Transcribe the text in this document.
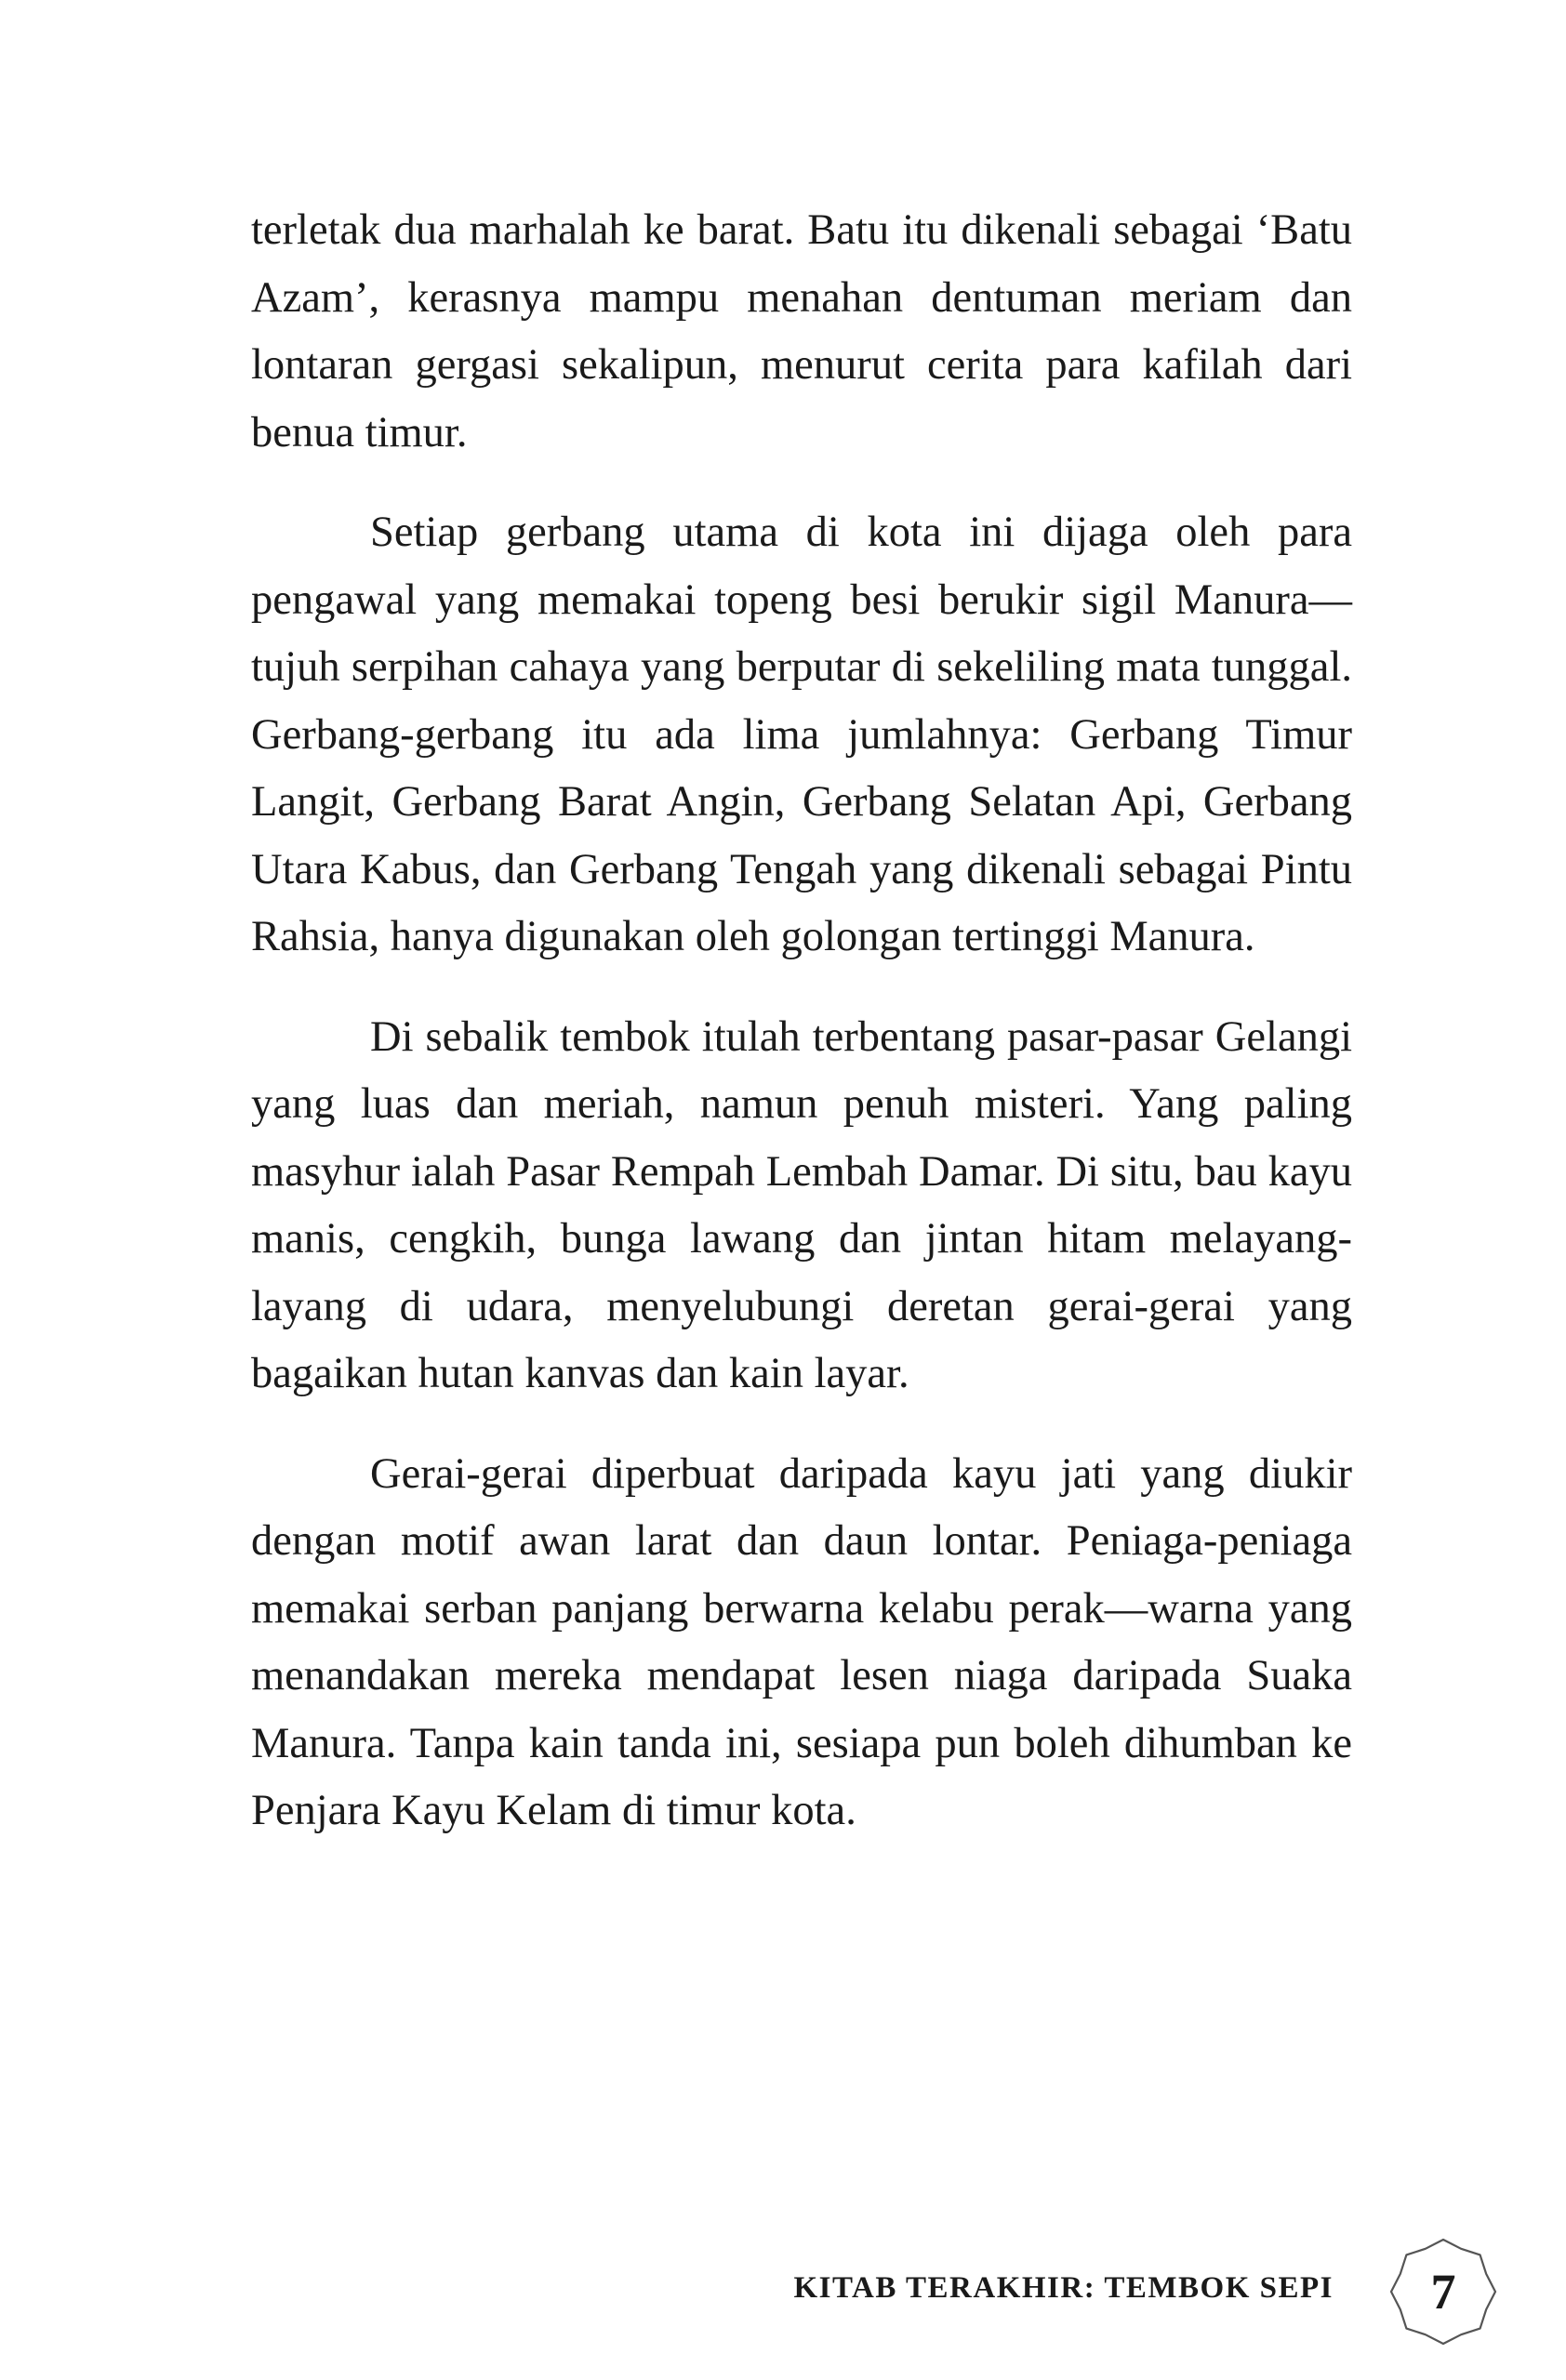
terletak dua marhalah ke barat. Batu itu dikenali sebagai ‘Batu Azam’, kerasnya mampu menahan dentuman meriam dan lontaran gergasi sekalipun, menurut cerita para kafilah dari benua timur.

Setiap gerbang utama di kota ini dijaga oleh para pengawal yang memakai topeng besi berukir sigil Manura—tujuh serpihan cahaya yang berputar di sekeliling mata tunggal. Gerbang-gerbang itu ada lima jumlahnya: Gerbang Timur Langit, Gerbang Barat Angin, Gerbang Selatan Api, Gerbang Utara Kabus, dan Gerbang Tengah yang dikenali sebagai Pintu Rahsia, hanya digunakan oleh golongan tertinggi Manura.

Di sebalik tembok itulah terbentang pasar-pasar Gelangi yang luas dan meriah, namun penuh misteri. Yang paling masyhur ialah Pasar Rempah Lembah Damar. Di situ, bau kayu manis, cengkih, bunga lawang dan jintan hitam melayang-layang di udara, menyelubungi deretan gerai-gerai yang bagaikan hutan kanvas dan kain layar.

Gerai-gerai diperbuat daripada kayu jati yang diukir dengan motif awan larat dan daun lontar. Peniaga-peniaga memakai serban panjang berwarna kelabu perak—warna yang menandakan mereka mendapat lesen niaga daripada Suaka Manura. Tanpa kain tanda ini, sesiapa pun boleh dihumban ke Penjara Kayu Kelam di timur kota.

KITAB TERAKHIR: TEMBOK SEPI	7
